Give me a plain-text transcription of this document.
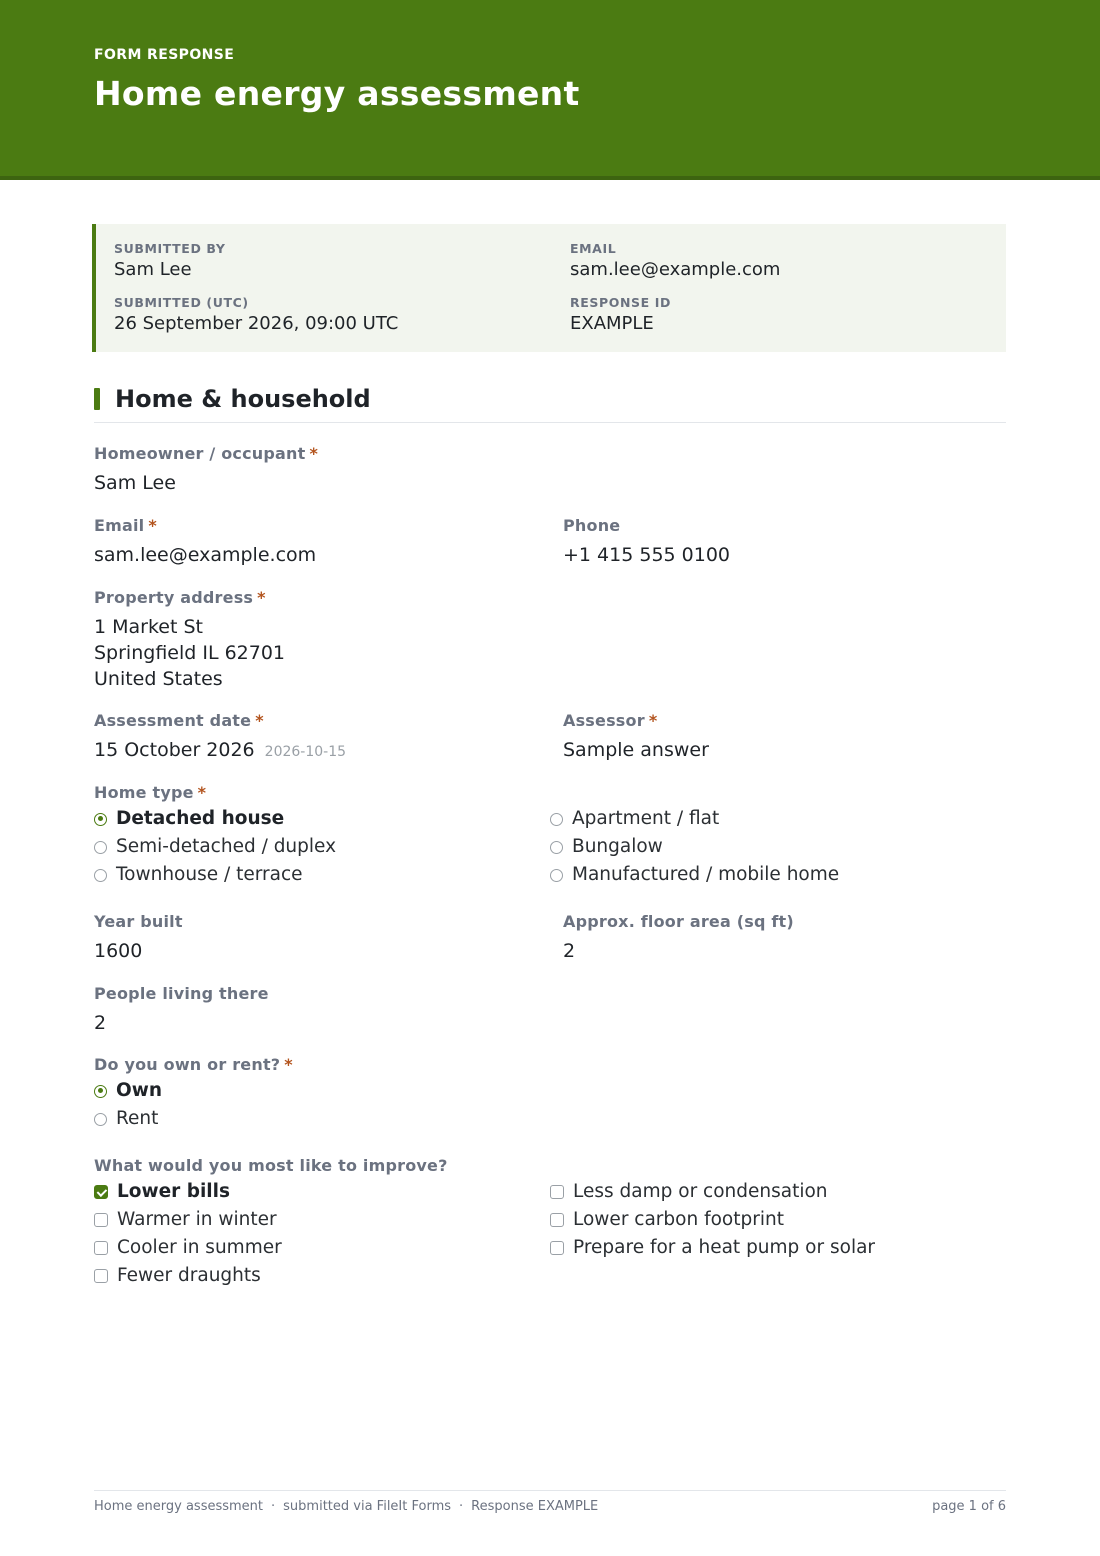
FORM RESPONSE
Home energy assessment
SUBMITTED BY
Sam Lee
EMAIL
sam.lee@example.com
SUBMITTED (UTC)
26 September 2026, 09:00 UTC
RESPONSE ID
EXAMPLE
Home & household
Homeowner / occupant *
Sam Lee
Email *
sam.lee@example.com
Phone
+1 415 555 0100
Property address *
1 Market St
Springfield IL 62701
United States
Assessment date *
15 October 2026 2026-10-15
Assessor *
Sample answer
Home type *
Detached house
Semi-detached / duplex
Townhouse / terrace
Apartment / flat
Bungalow
Manufactured / mobile home
Year built
1600
Approx. floor area (sq ft)
2
People living there
2
Do you own or rent? *
Own
Rent
What would you most like to improve?
Lower bills
Warmer in winter
Cooler in summer
Fewer draughts
Less damp or condensation
Lower carbon footprint
Prepare for a heat pump or solar
Home energy assessment · submitted via FileIt Forms · Response EXAMPLE	page 1 of 6
